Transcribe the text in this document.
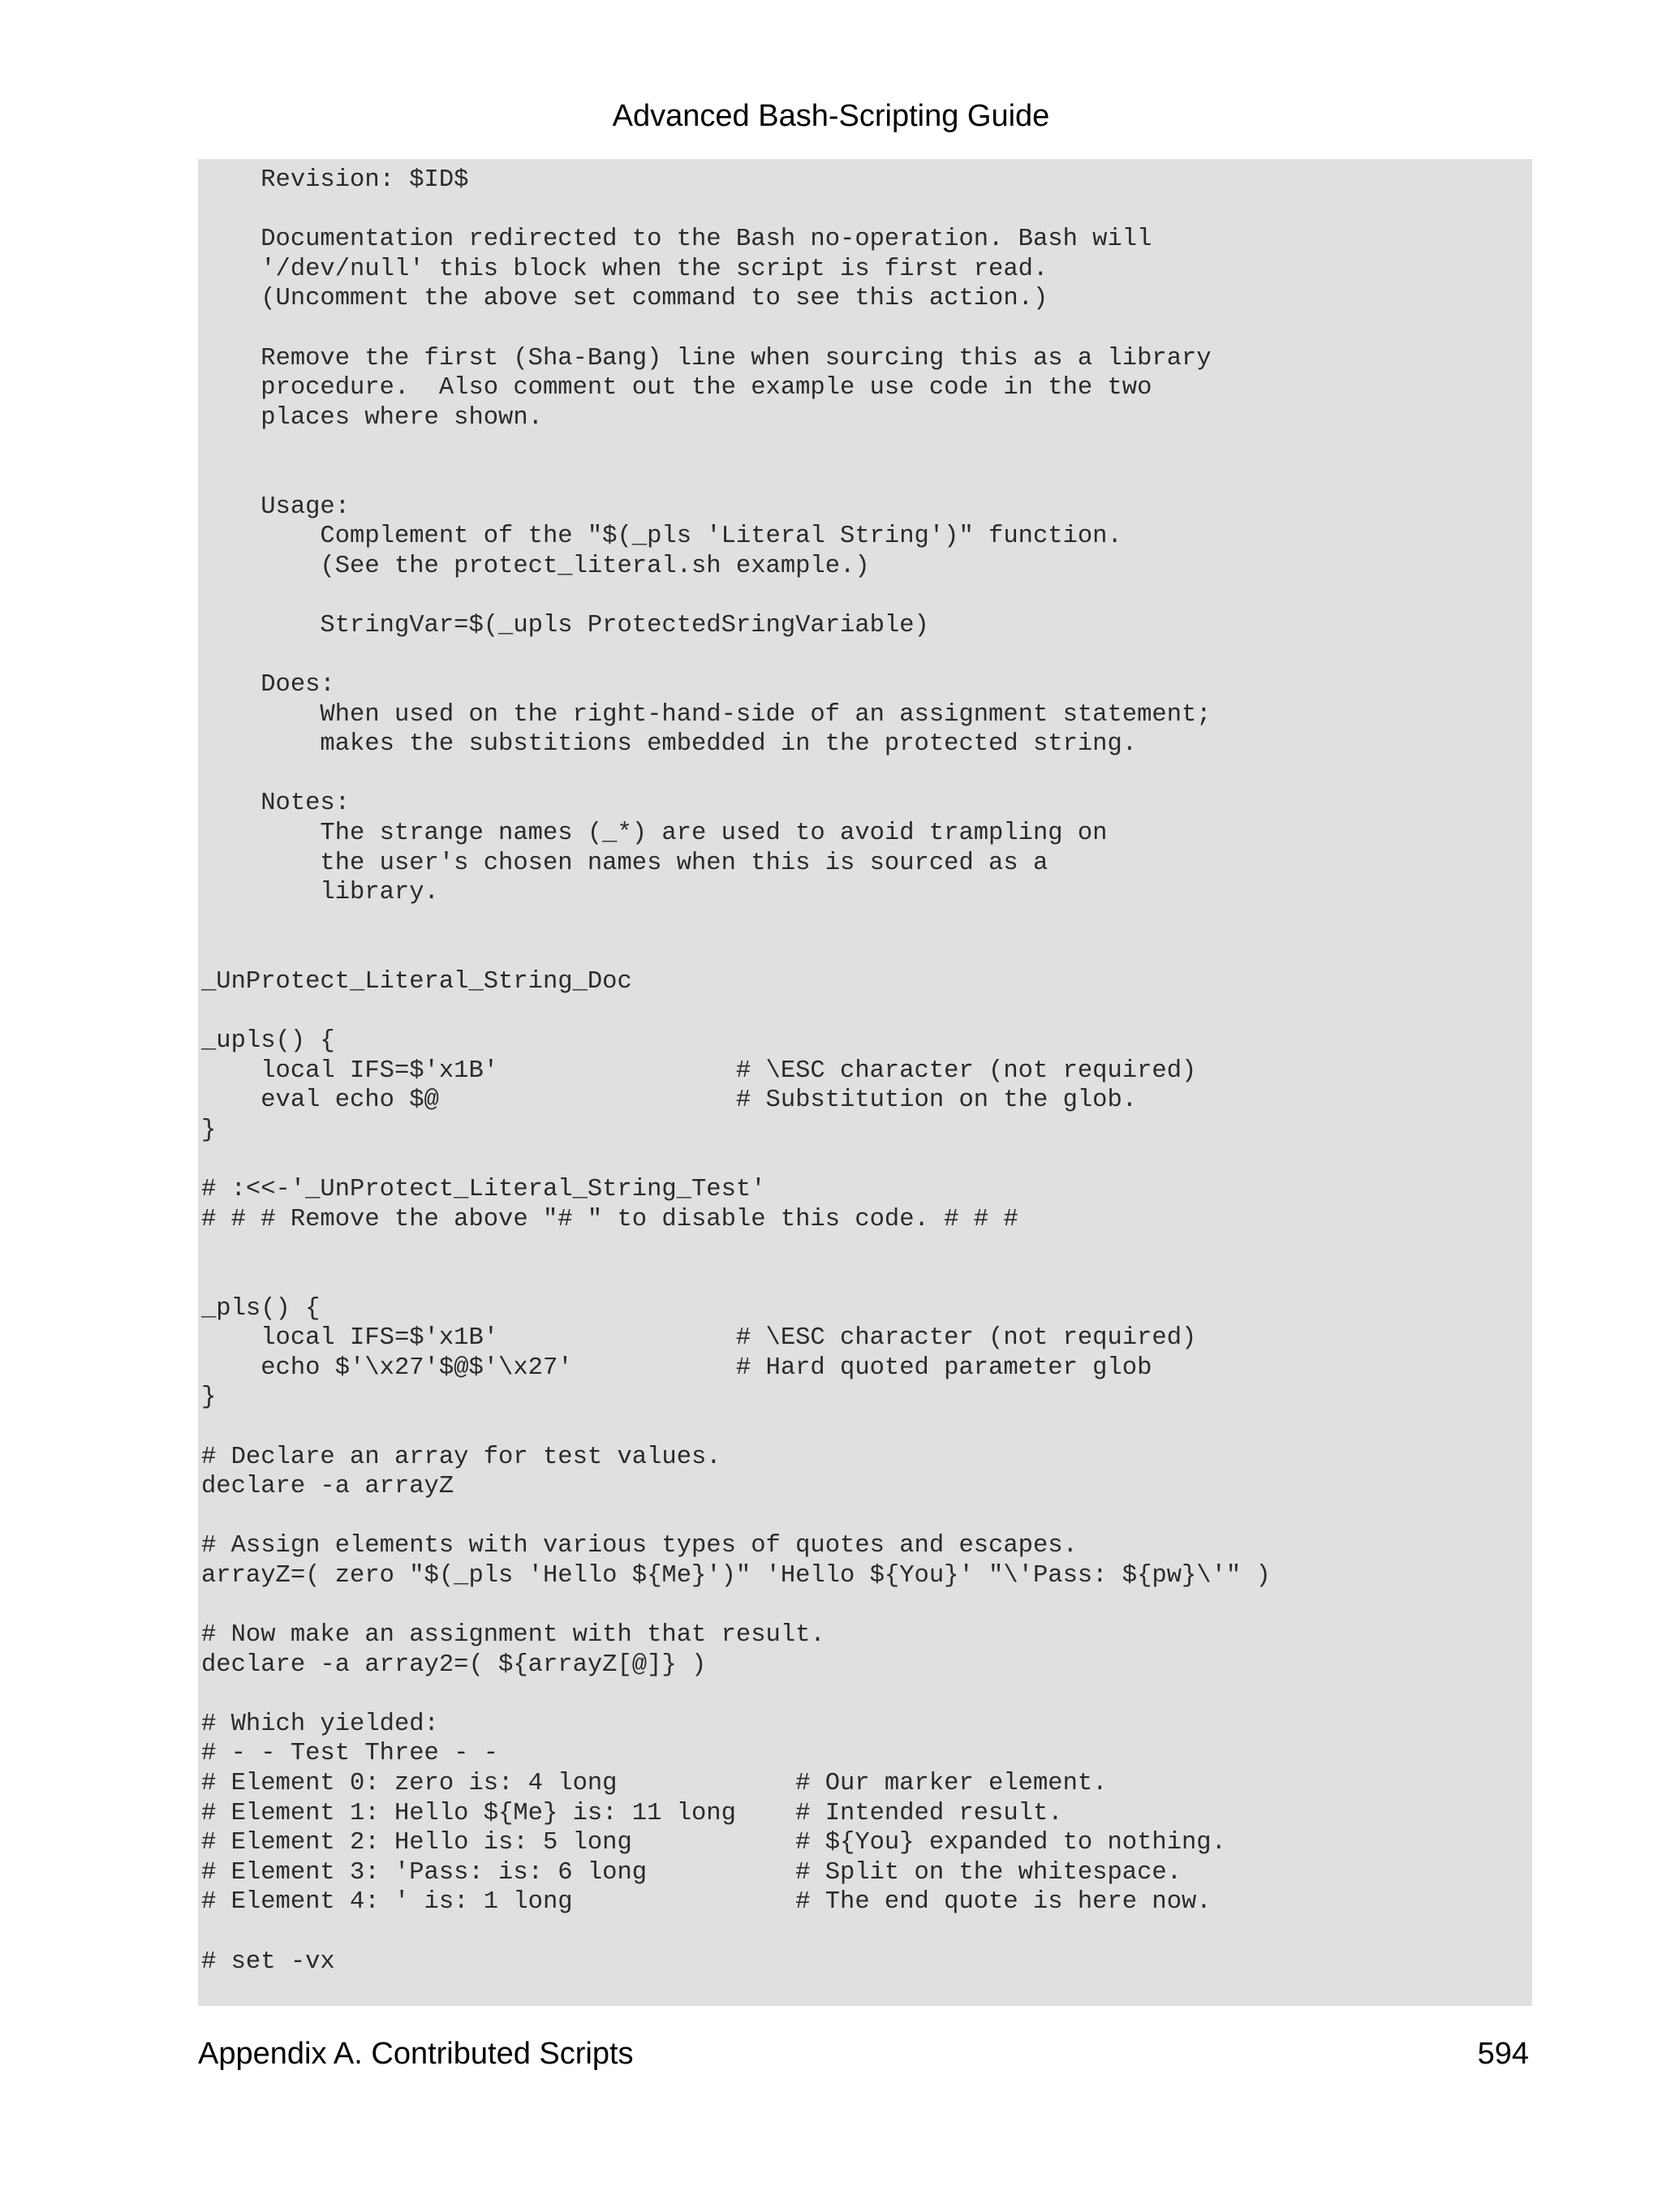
Advanced Bash-Scripting Guide
Revision: $ID$
Documentation redirected to the Bash no-operation. Bash will
'/dev/null' this block when the script is first read.
(Uncomment the above set command to see this action.)
Remove the first (Sha-Bang) line when sourcing this as a library
procedure.  Also comment out the example use code in the two
places where shown.
Usage:
Complement of the "$(_pls 'Literal String')" function.
(See the protect_literal.sh example.)
StringVar=$(_upls ProtectedSringVariable)
Does:
When used on the right-hand-side of an assignment statement;
makes the substitions embedded in the protected string.
Notes:
The strange names (_*) are used to avoid trampling on
the user's chosen names when this is sourced as a
library.
_UnProtect_Literal_String_Doc
_upls() {
local IFS=$'x1B'                # \ESC character (not required)
eval echo $@                    # Substitution on the glob.
}
# :<<-'_UnProtect_Literal_String_Test'
# # # Remove the above "# " to disable this code. # # #
_pls() {
local IFS=$'x1B'                # \ESC character (not required)
echo $'\x27'$@$'\x27'           # Hard quoted parameter glob
}
# Declare an array for test values.
declare -a arrayZ
# Assign elements with various types of quotes and escapes.
arrayZ=( zero "$(_pls 'Hello ${Me}')" 'Hello ${You}' "\'Pass: ${pw}\'" )
# Now make an assignment with that result.
declare -a array2=( ${arrayZ[@]} )
# Which yielded:
# - - Test Three - -
# Element 0: zero is: 4 long            # Our marker element.
# Element 1: Hello ${Me} is: 11 long    # Intended result.
# Element 2: Hello is: 5 long           # ${You} expanded to nothing.
# Element 3: 'Pass: is: 6 long          # Split on the whitespace.
# Element 4: ' is: 1 long               # The end quote is here now.
# set -vx
Appendix A. Contributed Scripts	594
